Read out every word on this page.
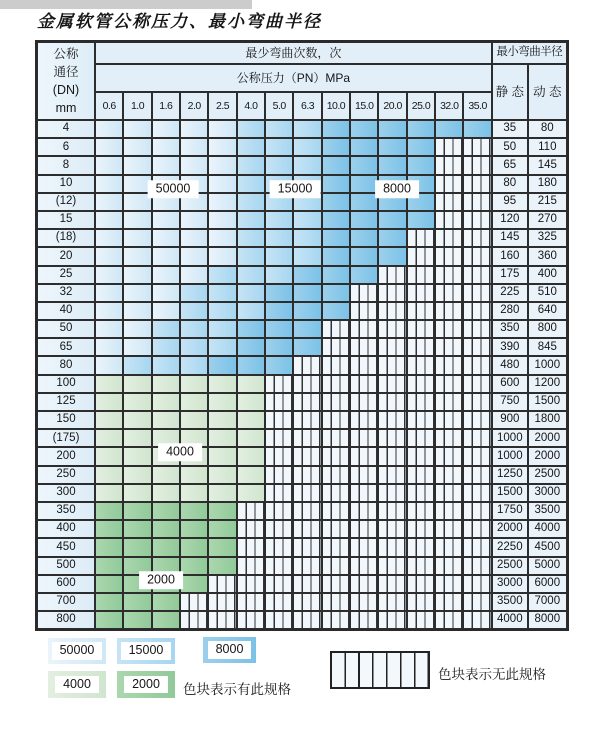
金属软管公称压力、最小弯曲半径
公称
通径
(DN)
mm
最少弯曲次数，次	最小弯曲半径
公称压力（PN）MPa
静 态 动 态
0.6	1.0	1.6	2.0	2.5	4.0	5.0	6.3	10.0 15.0 20.0 25.0 32.0 35.0
4	35	80
6	50	110
8	65	145
10	80	180
(12)	95	215
15	120	270
(18)	145	325
20	160	360
25	175	400
32	225	510
40	280	640
50	350	800
65	390	845
80	480	1000
100	600	1200
125	750	1500
150	900	1800
(175)	1000	2000
200	1000	2000
250	1250	2500
300	1500	3000
350	1750	3500
400	2000	4000
450	2250	4500
500	2500	5000
600	3000	6000
700	3500	7000
800	4000	8000
50000	15000	8000
4000
2000
50000	15000	8000
4000	2000	色块表示有此规格
色块表示无此规格
